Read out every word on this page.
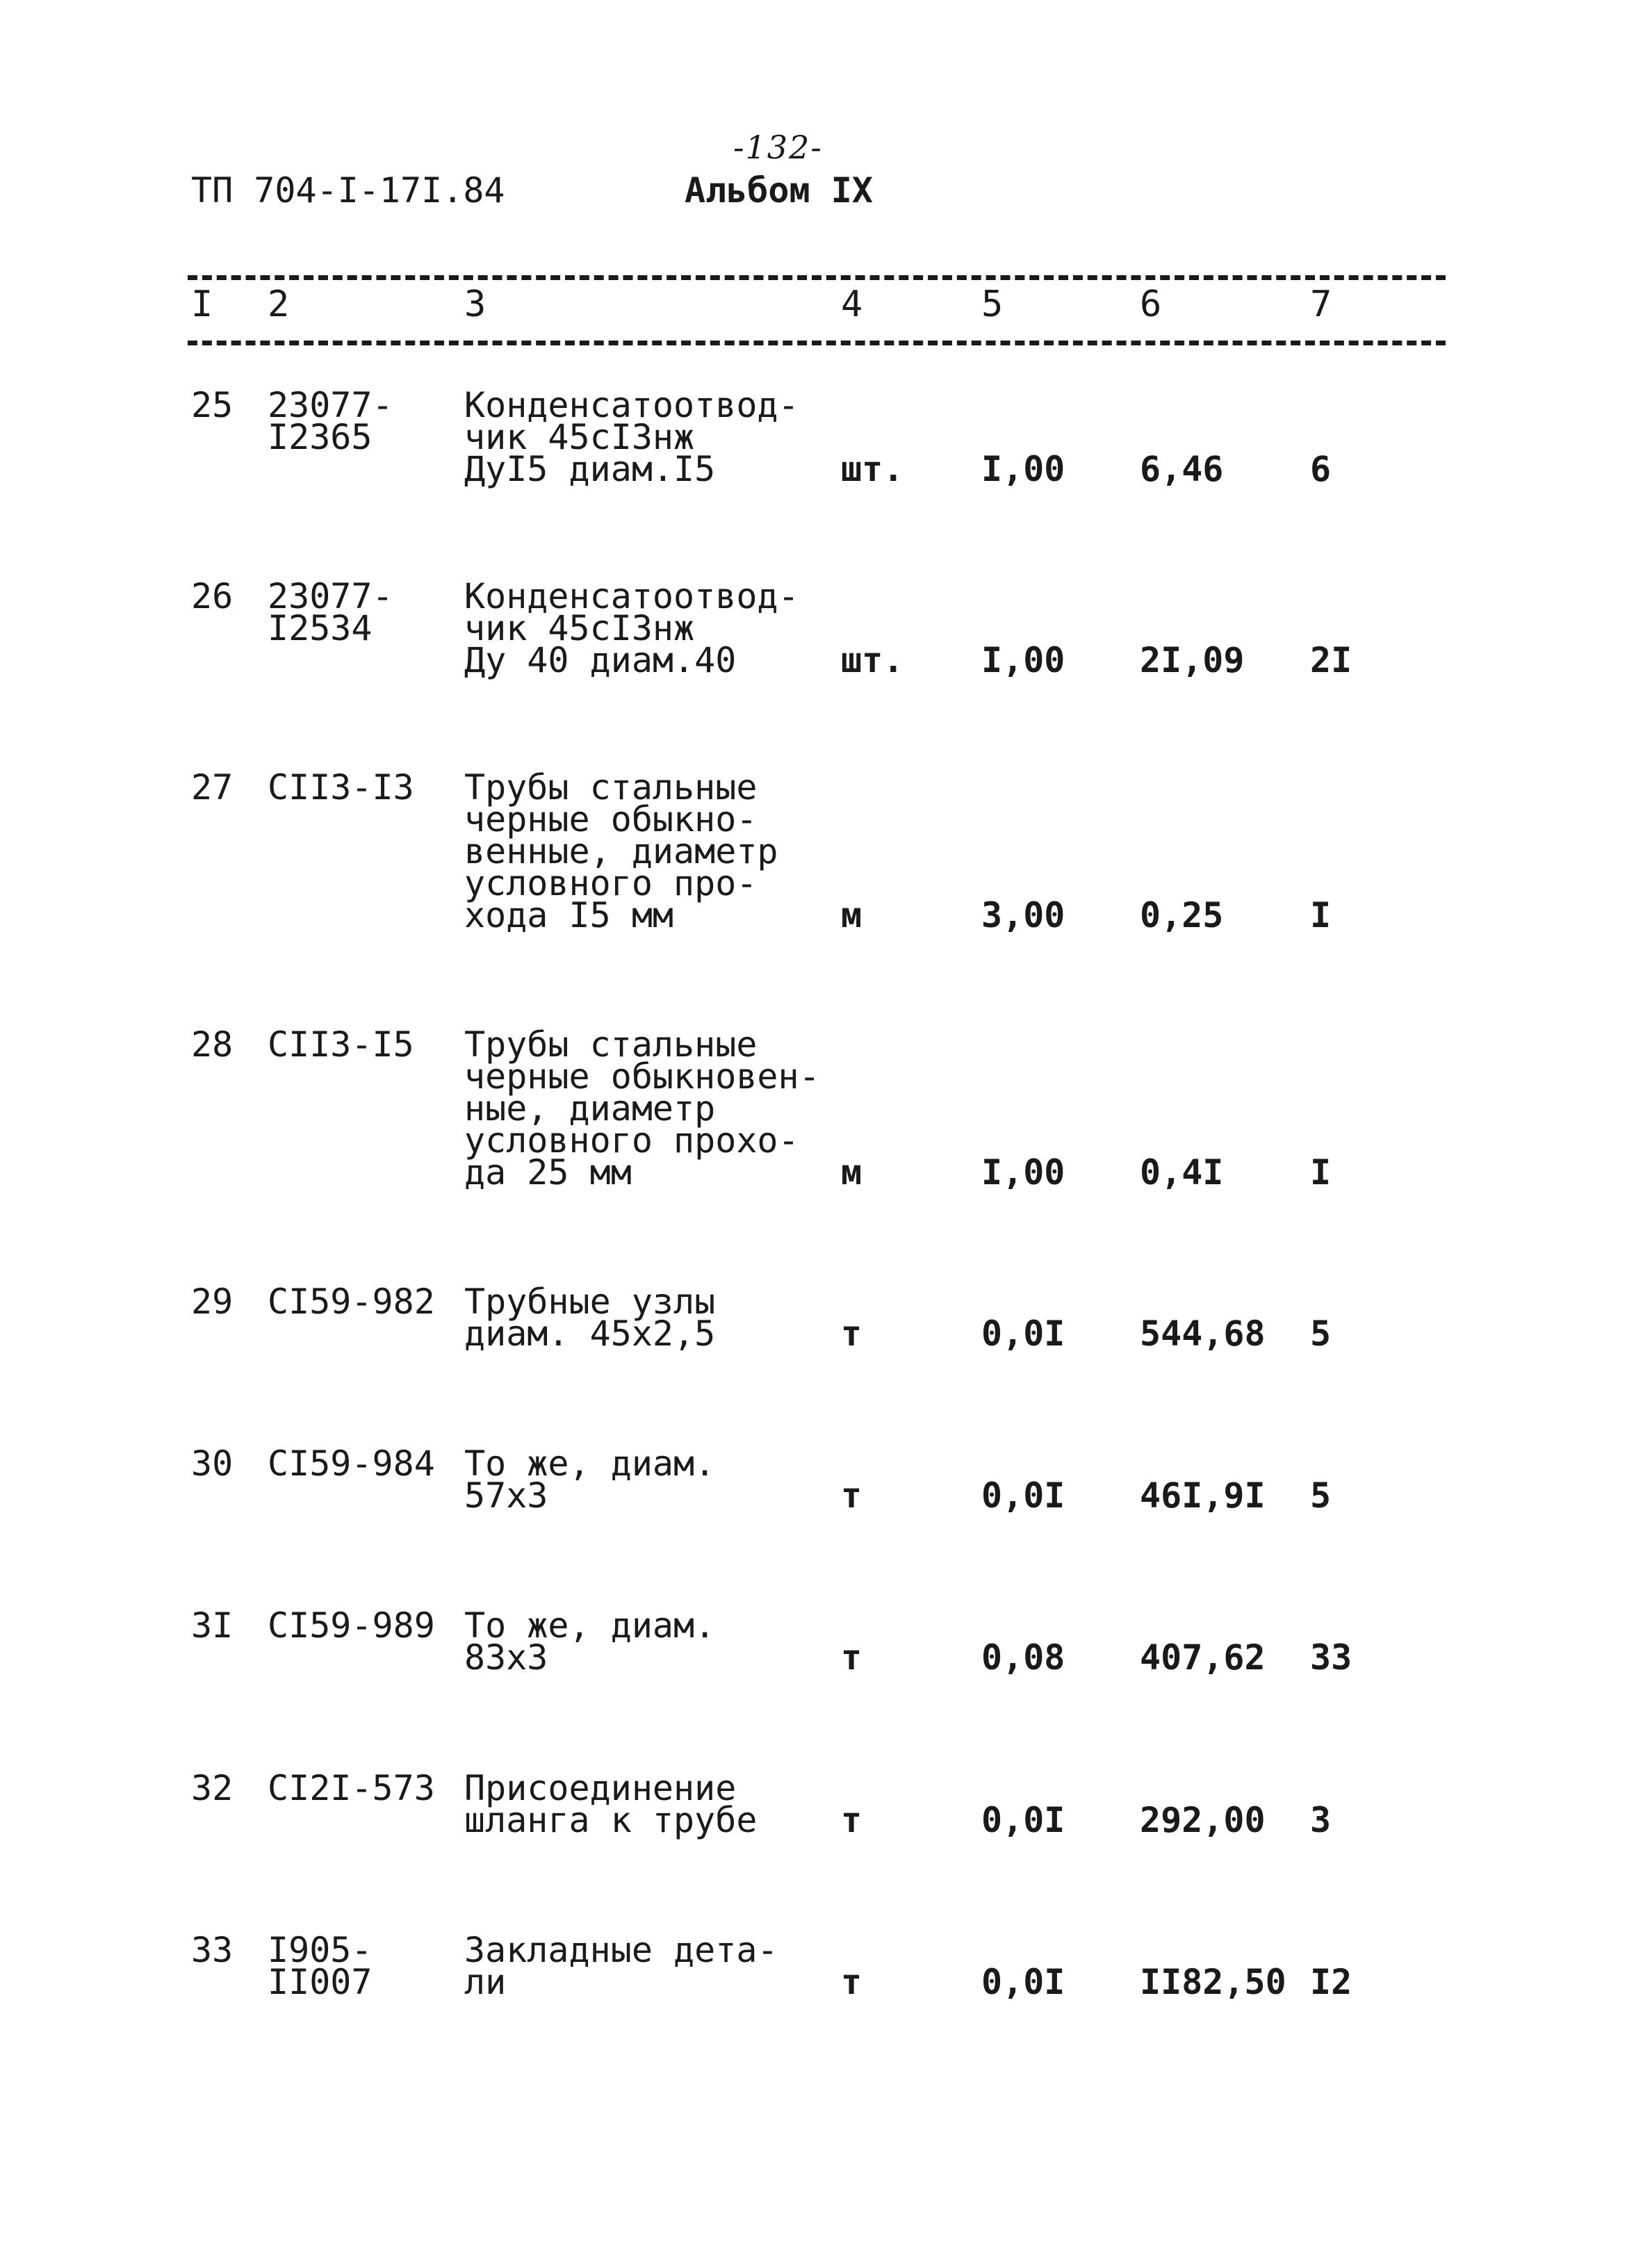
-132-
ТП 704-I-17I.84	Альбом IX
I 2	3	4	5	6	7
25 23077-
I2365
Конденсатоотвод-
чик 45cI3нж
ДуI5 диам.I5	шт. I,00 6,46 6
26 23077-
I2534
Конденсатоотвод-
чик 45cI3нж
Ду 40 диам.40	шт. I,00 2I,09 2I
27 CII3-I3 Трубы стальные
черные обыкно-
венные, диаметр
условного про-
хода I5 мм	м	3,00 0,25 I
28 CII3-I5 Трубы стальные
черные обыкновен-
ные, диаметр
условного прохо-
да 25 мм	м	I,00 0,4I I
29 CI59-982 Трубные узлы
диам. 45x2,5	т	0,0I 544,68 5
30 CI59-984 То же, диам.
57x3	т	0,0I 46I,9I 5
3I CI59-989 То же, диам.
83x3	т	0,08 407,62 33
32 CI2I-573 Присоединение
шланга к трубе т	0,0I 292,00 3
33 I905-
II007
Закладные дета-
ли	т	0,0I II82,50 I2
